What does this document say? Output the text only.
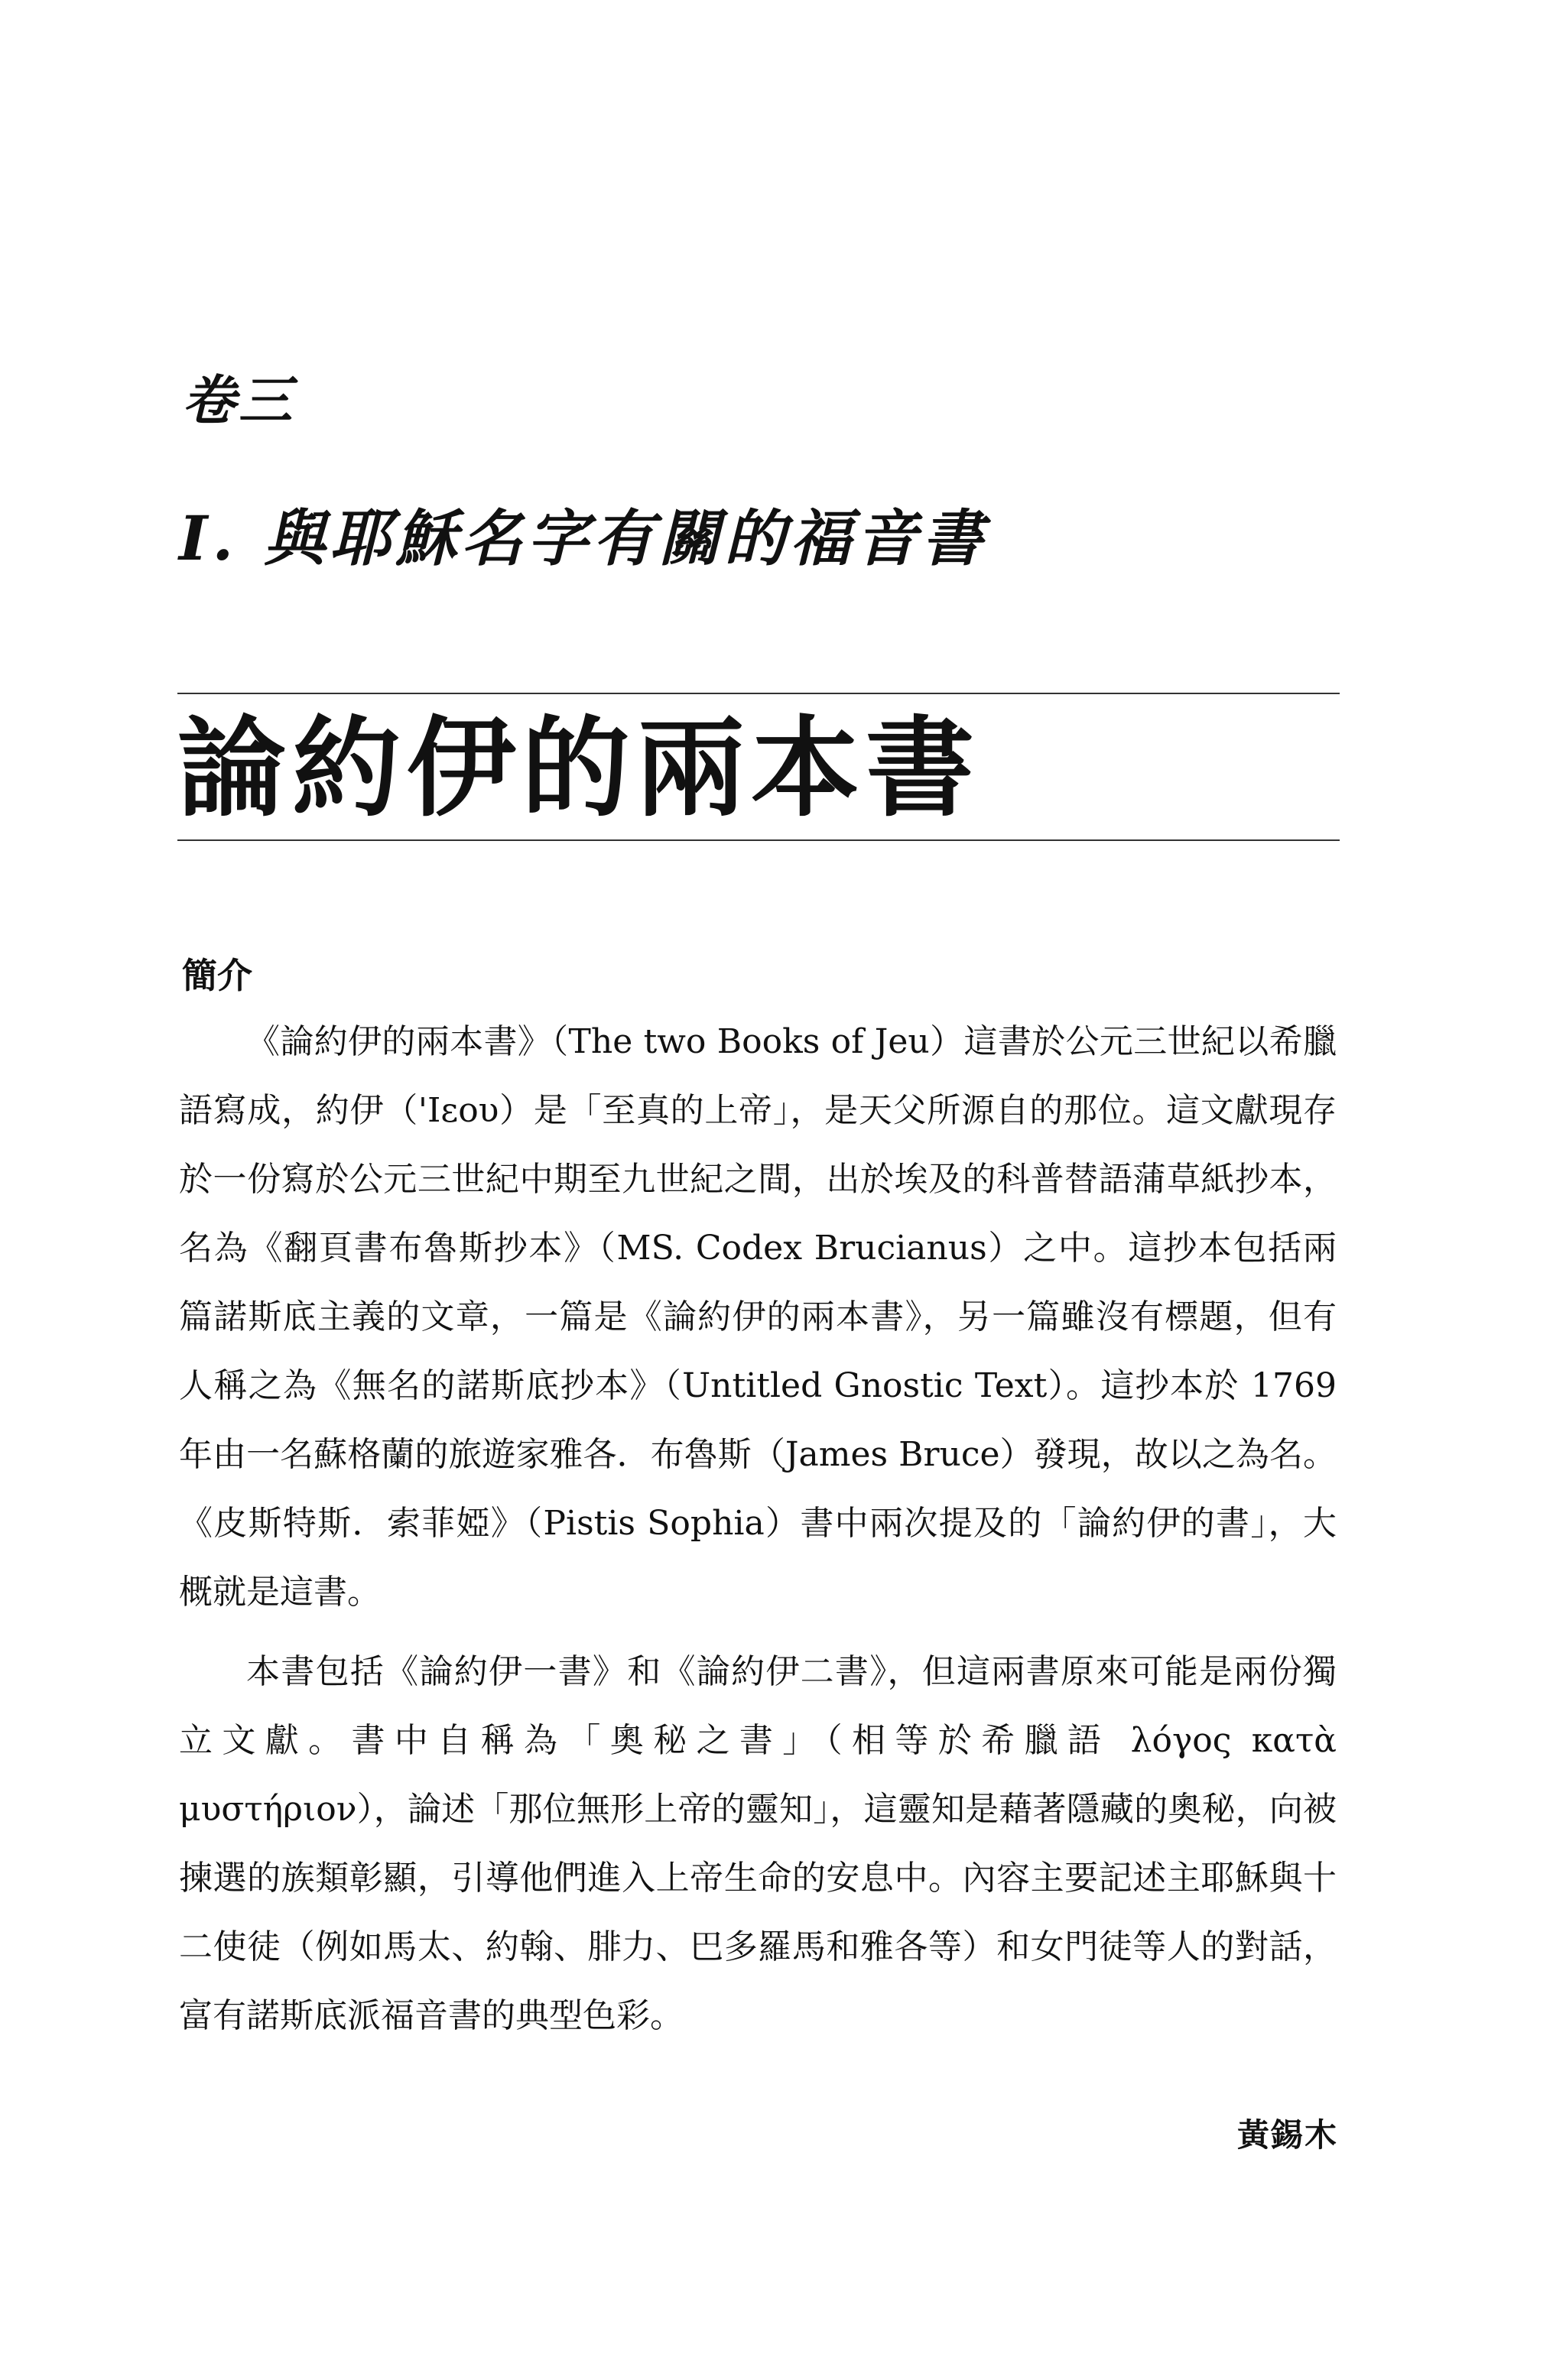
卷三
I. 與耶穌名字有關的福音書
論約伊的兩本書
簡介

《論約伊的兩本書》（The two Books of Jeu）這書於公元三世紀以希臘語寫成，約伊（'Ιεου）是「至真的上帝」，是天父所源自的那位。這文獻現存於一份寫於公元三世紀中期至九世紀之間，出於埃及的科普替語蒲草紙抄本，名為《翻頁書布魯斯抄本》（MS. Codex Brucianus）之中。這抄本包括兩篇諾斯底主義的文章，一篇是《論約伊的兩本書》，另一篇雖沒有標題，但有人稱之為《無名的諾斯底抄本》（Untitled Gnostic Text）。這抄本於 1769 年由一名蘇格蘭的旅遊家雅各．布魯斯（James Bruce）發現，故以之為名。《皮斯特斯．索菲婭》（Pistis Sophia）書中兩次提及的「論約伊的書」，大概就是這書。

本書包括《論約伊一書》和《論約伊二書》，但這兩書原來可能是兩份獨立文獻。書中自稱為「奧秘之書」（相等於希臘語 λόγος κατὰ μυστήριον），論述「那位無形上帝的靈知」，這靈知是藉著隱藏的奧秘，向被揀選的族類彰顯，引導他們進入上帝生命的安息中。內容主要記述主耶穌與十二使徒（例如馬太、約翰、腓力、巴多羅馬和雅各等）和女門徒等人的對話，富有諾斯底派福音書的典型色彩。

黃錫木
